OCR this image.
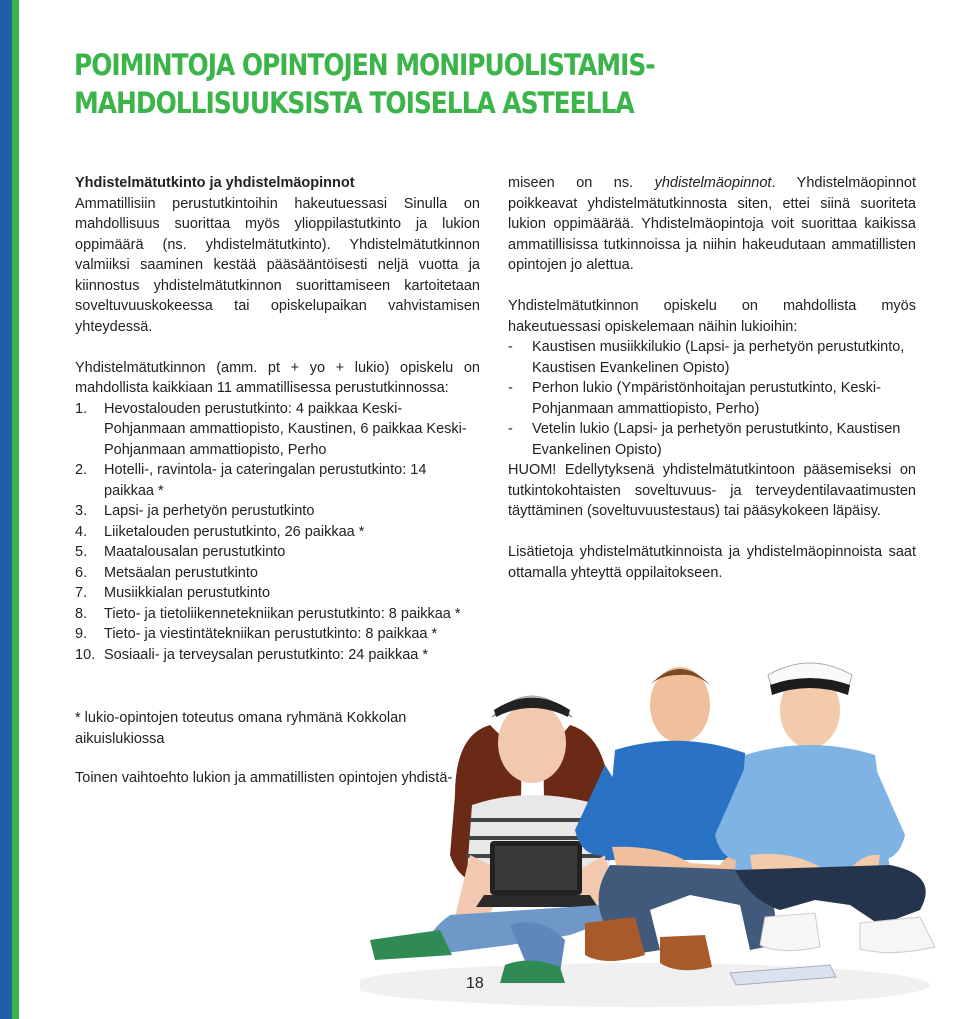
POIMINTOJA OPINTOJEN MONIPUOLISTAMIS-
MAHDOLLISUUKSISTA TOISELLA ASTEELLA

Yhdistelmätutkinto ja yhdistelmäopinnot

Ammatillisiin perustutkintoihin hakeutuessasi Sinulla on mahdollisuus suorittaa myös ylioppilastutkinto ja lukion oppimäärä (ns. yhdistelmätutkinto). Yhdistelmätutkinnon valmiiksi saaminen kestää pääsääntöisesti neljä vuotta ja kiinnostus yhdistelmätutkinnon suorittamiseen kartoitetaan soveltuvuuskokeessa tai opiskelupaikan vahvistamisen yhteydessä.

Yhdistelmätutkinnon (amm. pt + yo + lukio) opiskelu on mahdollista kaikkiaan 11 ammatillisessa perustutkinnossa:

1.	Hevostalouden perustutkinto: 4 paikkaa Keski-Pohjanmaan ammattiopisto, Kaustinen, 6 paikkaa Keski-Pohjanmaan ammattiopisto, Perho
2.	Hotelli-, ravintola- ja cateringalan perustutkinto: 14 paikkaa *
3.	Lapsi- ja perhetyön perustutkinto
4.	Liiketalouden perustutkinto, 26 paikkaa *
5.	Maatalousalan perustutkinto
6.	Metsäalan perustutkinto
7.	Musiikkialan perustutkinto
8.	Tieto- ja tietoliikennetekniikan perustutkinto: 8 paikkaa *
9.	Tieto- ja viestintätekniikan perustutkinto: 8 paikkaa *
10. Sosiaali- ja terveysalan perustutkinto: 24 paikkaa *

* lukio-opintojen toteutus omana ryhmänä Kokkolan aikuislukiossa

Toinen vaihtoehto lukion ja ammatillisten opintojen yhdistä-

miseen on ns. yhdistelmäopinnot. Yhdistelmäopinnot poikkeavat yhdistelmätutkinnosta siten, ettei siinä suoriteta lukion oppimäärää. Yhdistelmäopintoja voit suorittaa kaikissa ammatillisissa tutkinnoissa ja niihin hakeudutaan ammatillisten opintojen jo alettua.

Yhdistelmätutkinnon opiskelu on mahdollista myös hakeutuessasi opiskelemaan näihin lukioihin:

-	Kaustisen musiikkilukio (Lapsi- ja perhetyön perustutkinto, Kaustisen Evankelinen Opisto)
-	Perhon lukio (Ympäristönhoitajan perustutkinto, Keski-Pohjanmaan ammattiopisto, Perho)
-	Vetelin lukio (Lapsi- ja perhetyön perustutkinto, Kaustisen Evankelinen Opisto)

HUOM! Edellytyksenä yhdistelmätutkintoon pääsemiseksi on tutkintokohtaisten soveltuvuus- ja terveydentilavaatimusten täyttäminen (soveltuvuustestaus) tai pääsykokeen läpäisy.

Lisätietoja yhdistelmätutkinnoista ja yhdistelmäopinnoista saat ottamalla yhteyttä oppilaitokseen.

18
